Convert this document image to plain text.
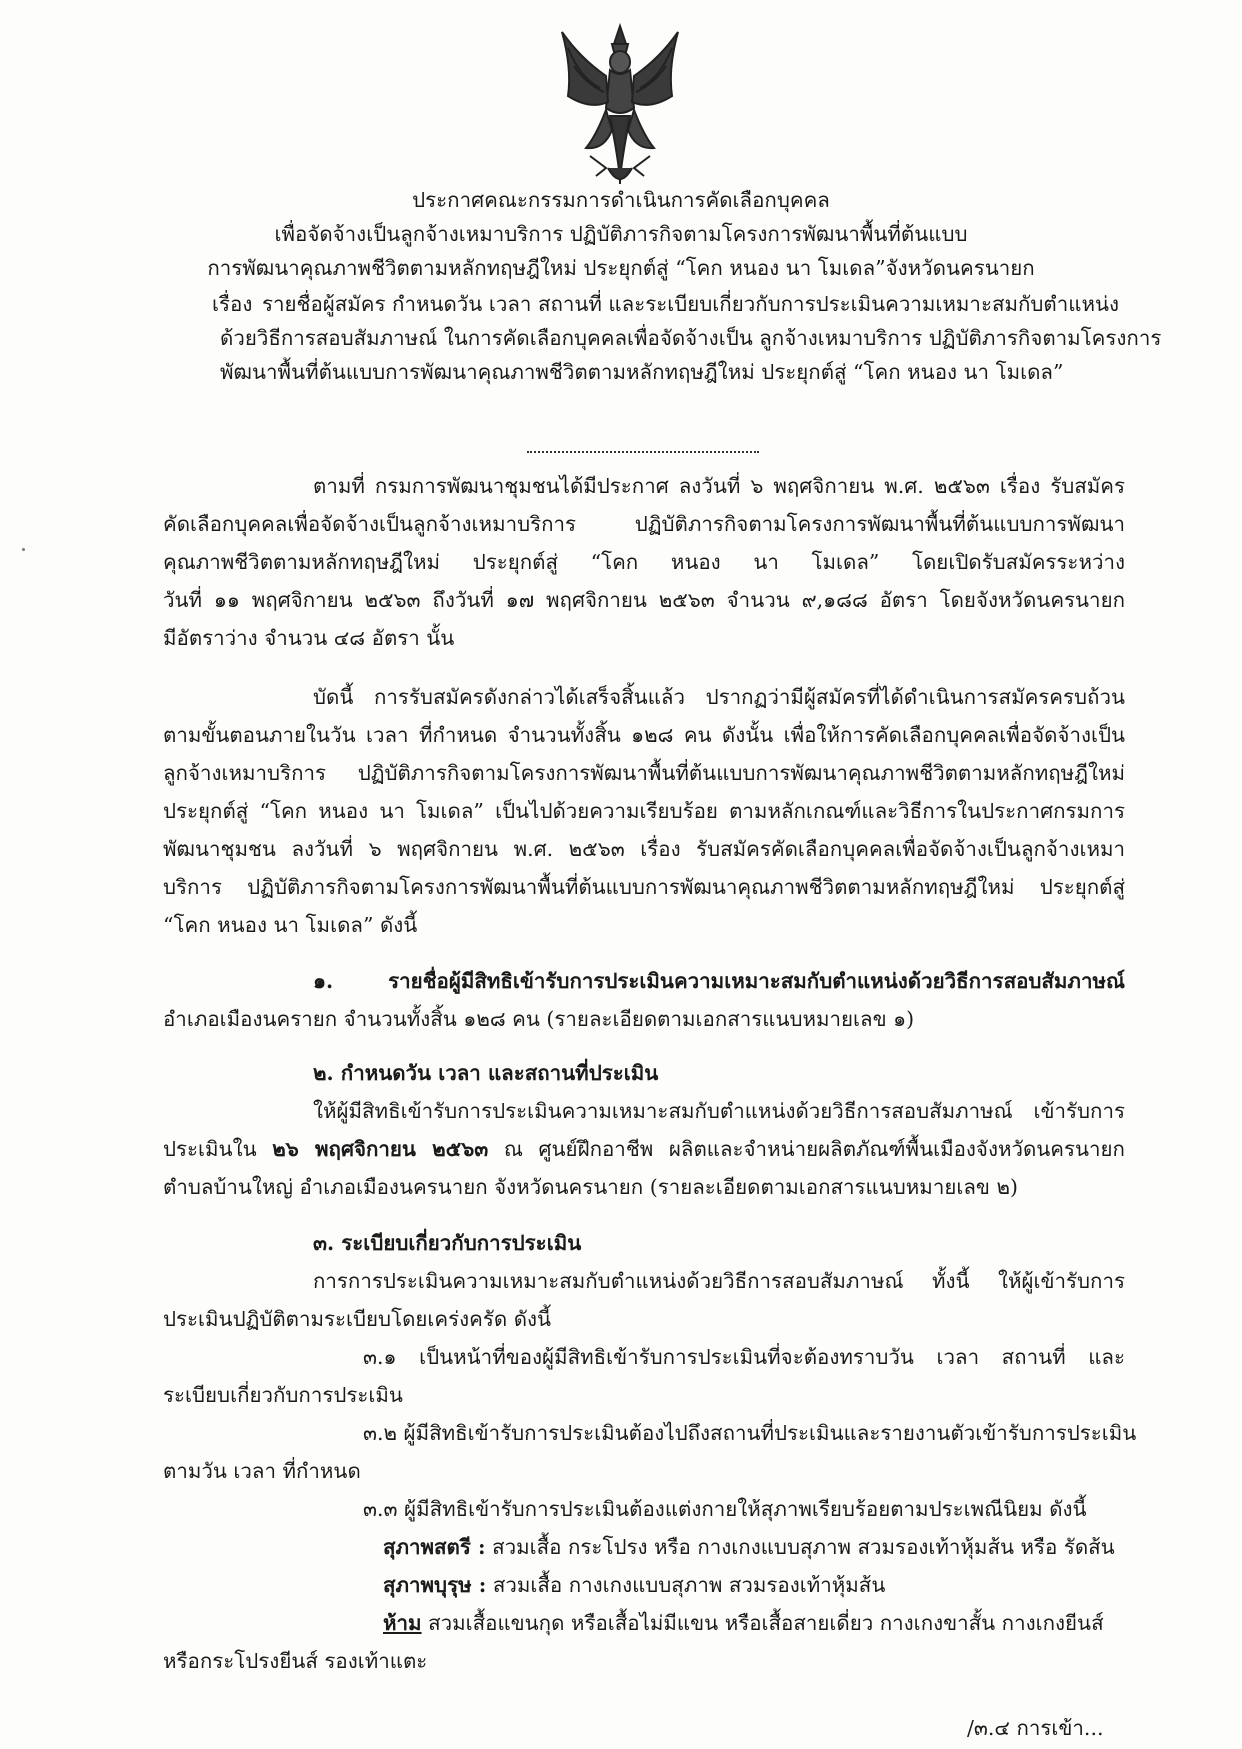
ประกาศคณะกรรมการดำเนินการคัดเลือกบุคคล
เพื่อจัดจ้างเป็นลูกจ้างเหมาบริการ ปฏิบัติภารกิจตามโครงการพัฒนาพื้นที่ต้นแบบ
การพัฒนาคุณภาพชีวิตตามหลักทฤษฎีใหม่ ประยุกต์สู่ “โคก หนอง นา โมเดล”จังหวัดนครนายก
เรื่อง รายชื่อผู้สมัคร กำหนดวัน เวลา สถานที่ และระเบียบเกี่ยวกับการประเมินความเหมาะสมกับตำแหน่ง
ด้วยวิธีการสอบสัมภาษณ์ ในการคัดเลือกบุคคลเพื่อจัดจ้างเป็น ลูกจ้างเหมาบริการ ปฏิบัติภารกิจตามโครงการ
พัฒนาพื้นที่ต้นแบบการพัฒนาคุณภาพชีวิตตามหลักทฤษฎีใหม่ ประยุกต์สู่ “โคก หนอง นา โมเดล”
ตามที่ กรมการพัฒนาชุมชนได้มีประกาศ ลงวันที่ ๖ พฤศจิกายน พ.ศ. ๒๕๖๓ เรื่อง รับสมัคร
คัดเลือกบุคคลเพื่อจัดจ้างเป็นลูกจ้างเหมาบริการ ปฏิบัติภารกิจตามโครงการพัฒนาพื้นที่ต้นแบบการพัฒนา
คุณภาพชีวิตตามหลักทฤษฎีใหม่ ประยุกต์สู่ “โคก หนอง นา โมเดล” โดยเปิดรับสมัครระหว่าง
วันที่ ๑๑ พฤศจิกายน ๒๕๖๓ ถึงวันที่ ๑๗ พฤศจิกายน ๒๕๖๓ จำนวน ๙,๑๘๘ อัตรา โดยจังหวัดนครนายก
มีอัตราว่าง จำนวน ๔๘ อัตรา นั้น
บัดนี้ การรับสมัครดังกล่าวได้เสร็จสิ้นแล้ว ปรากฏว่ามีผู้สมัครที่ได้ดำเนินการสมัครครบถ้วน
ตามขั้นตอนภายในวัน เวลา ที่กำหนด จำนวนทั้งสิ้น ๑๒๘ คน ดังนั้น เพื่อให้การคัดเลือกบุคคลเพื่อจัดจ้างเป็น
ลูกจ้างเหมาบริการ ปฏิบัติภารกิจตามโครงการพัฒนาพื้นที่ต้นแบบการพัฒนาคุณภาพชีวิตตามหลักทฤษฎีใหม่
ประยุกต์สู่ “โคก หนอง นา โมเดล” เป็นไปด้วยความเรียบร้อย ตามหลักเกณฑ์และวิธีการในประกาศกรมการ
พัฒนาชุมชน ลงวันที่ ๖ พฤศจิกายน พ.ศ. ๒๕๖๓ เรื่อง รับสมัครคัดเลือกบุคคลเพื่อจัดจ้างเป็นลูกจ้างเหมา
บริการ ปฏิบัติภารกิจตามโครงการพัฒนาพื้นที่ต้นแบบการพัฒนาคุณภาพชีวิตตามหลักทฤษฎีใหม่ ประยุกต์สู่
“โคก หนอง นา โมเดล” ดังนี้
๑. รายชื่อผู้มีสิทธิเข้ารับการประเมินความเหมาะสมกับตำแหน่งด้วยวิธีการสอบสัมภาษณ์
อำเภอเมืองนครายก จำนวนทั้งสิ้น ๑๒๘ คน (รายละเอียดตามเอกสารแนบหมายเลข ๑)
๒. กำหนดวัน เวลา และสถานที่ประเมิน
ให้ผู้มีสิทธิเข้ารับการประเมินความเหมาะสมกับตำแหน่งด้วยวิธีการสอบสัมภาษณ์ เข้ารับการ
ประเมินใน ๒๖ พฤศจิกายน ๒๕๖๓ ณ ศูนย์ฝึกอาชีพ ผลิตและจำหน่ายผลิตภัณฑ์พื้นเมืองจังหวัดนครนายก
ตำบลบ้านใหญ่ อำเภอเมืองนครนายก จังหวัดนครนายก (รายละเอียดตามเอกสารแนบหมายเลข ๒)
๓. ระเบียบเกี่ยวกับการประเมิน
การการประเมินความเหมาะสมกับตำแหน่งด้วยวิธีการสอบสัมภาษณ์ ทั้งนี้ ให้ผู้เข้ารับการ
ประเมินปฏิบัติตามระเบียบโดยเคร่งครัด ดังนี้
๓.๑ เป็นหน้าที่ของผู้มีสิทธิเข้ารับการประเมินที่จะต้องทราบวัน เวลา สถานที่ และ
ระเบียบเกี่ยวกับการประเมิน
๓.๒ ผู้มีสิทธิเข้ารับการประเมินต้องไปถึงสถานที่ประเมินและรายงานตัวเข้ารับการประเมิน
ตามวัน เวลา ที่กำหนด
๓.๓ ผู้มีสิทธิเข้ารับการประเมินต้องแต่งกายให้สุภาพเรียบร้อยตามประเพณีนิยม ดังนี้
สุภาพสตรี : สวมเสื้อ กระโปรง หรือ กางเกงแบบสุภาพ สวมรองเท้าหุ้มส้น หรือ รัดส้น
สุภาพบุรุษ : สวมเสื้อ กางเกงแบบสุภาพ สวมรองเท้าหุ้มส้น
ห้าม สวมเสื้อแขนกุด หรือเสื้อไม่มีแขน หรือเสื้อสายเดี่ยว กางเกงขาสั้น กางเกงยีนส์
หรือกระโปรงยีนส์ รองเท้าแตะ
/๓.๔ การเข้า...
